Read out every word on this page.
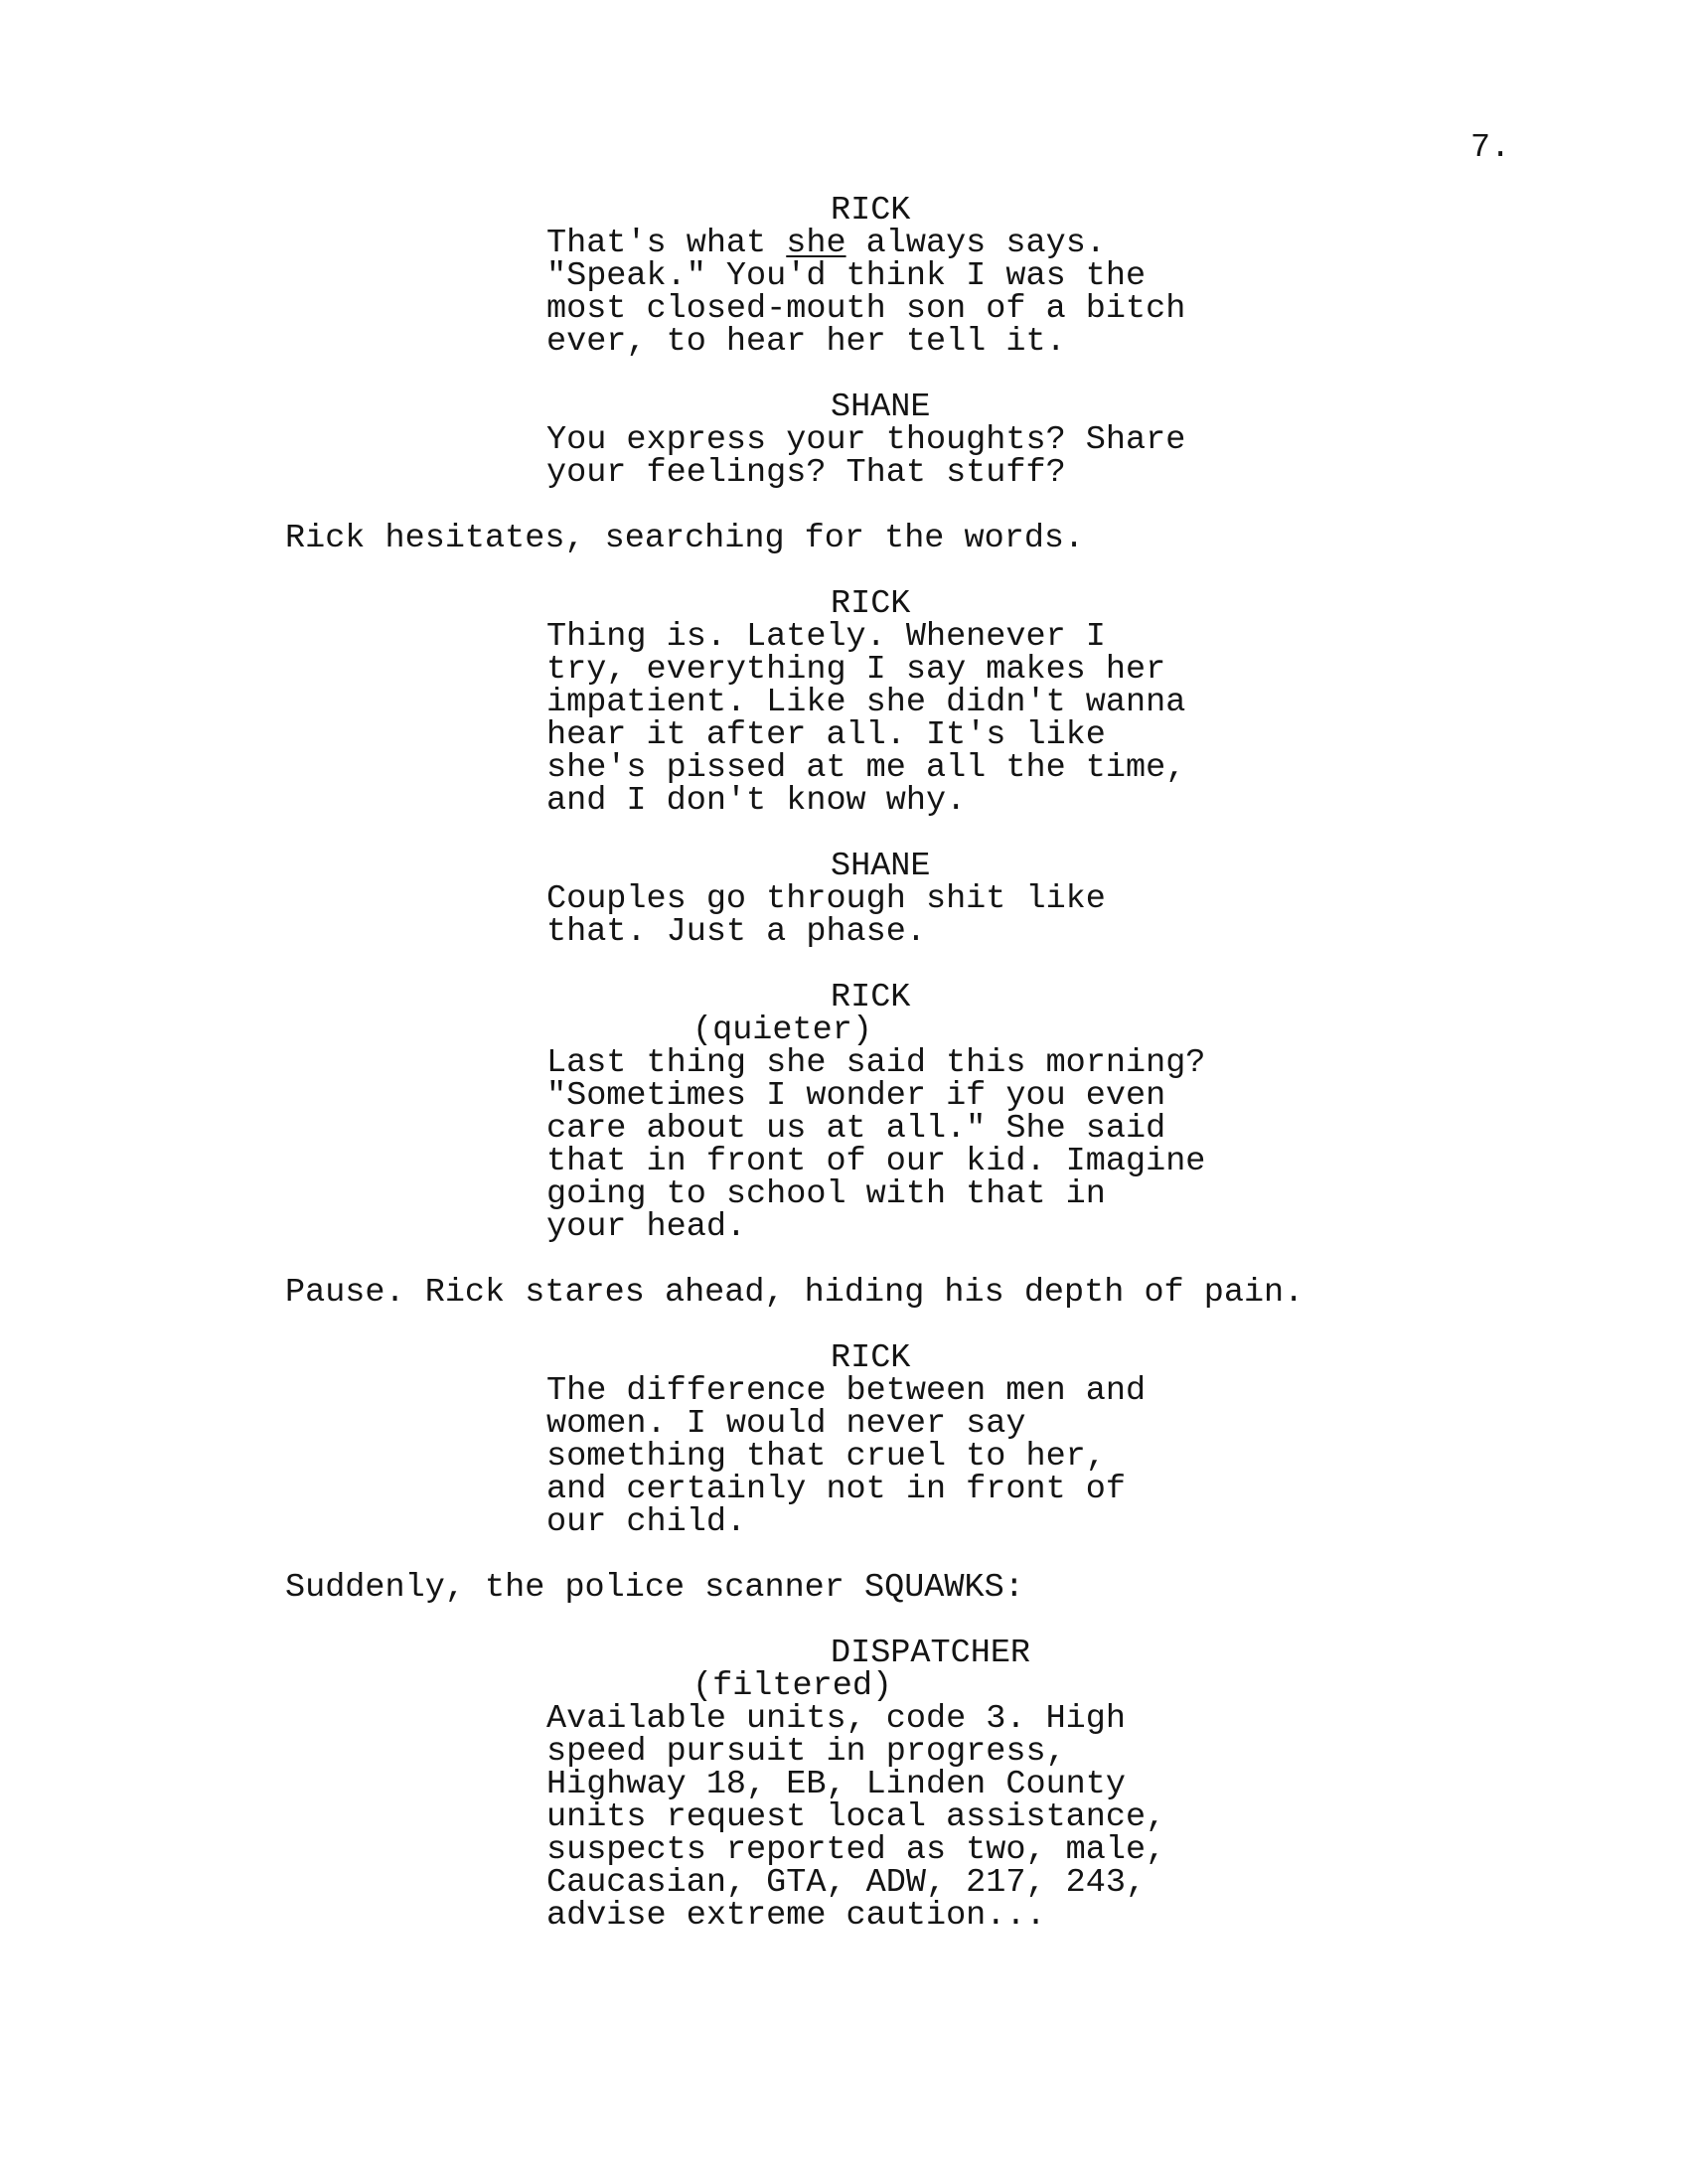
7.
RICK
That's what she always says.
"Speak." You'd think I was the
most closed-mouth son of a bitch
ever, to hear her tell it.
SHANE
You express your thoughts? Share
your feelings? That stuff?
Rick hesitates, searching for the words.
RICK
Thing is. Lately. Whenever I
try, everything I say makes her
impatient. Like she didn't wanna
hear it after all. It's like
she's pissed at me all the time,
and I don't know why.
SHANE
Couples go through shit like
that. Just a phase.
RICK
(quieter)
Last thing she said this morning?
"Sometimes I wonder if you even
care about us at all." She said
that in front of our kid. Imagine
going to school with that in
your head.
Pause. Rick stares ahead, hiding his depth of pain.
RICK
The difference between men and
women. I would never say
something that cruel to her,
and certainly not in front of
our child.
Suddenly, the police scanner SQUAWKS:
DISPATCHER
(filtered)
Available units, code 3. High
speed pursuit in progress,
Highway 18, EB, Linden County
units request local assistance,
suspects reported as two, male,
Caucasian, GTA, ADW, 217, 243,
advise extreme caution...
